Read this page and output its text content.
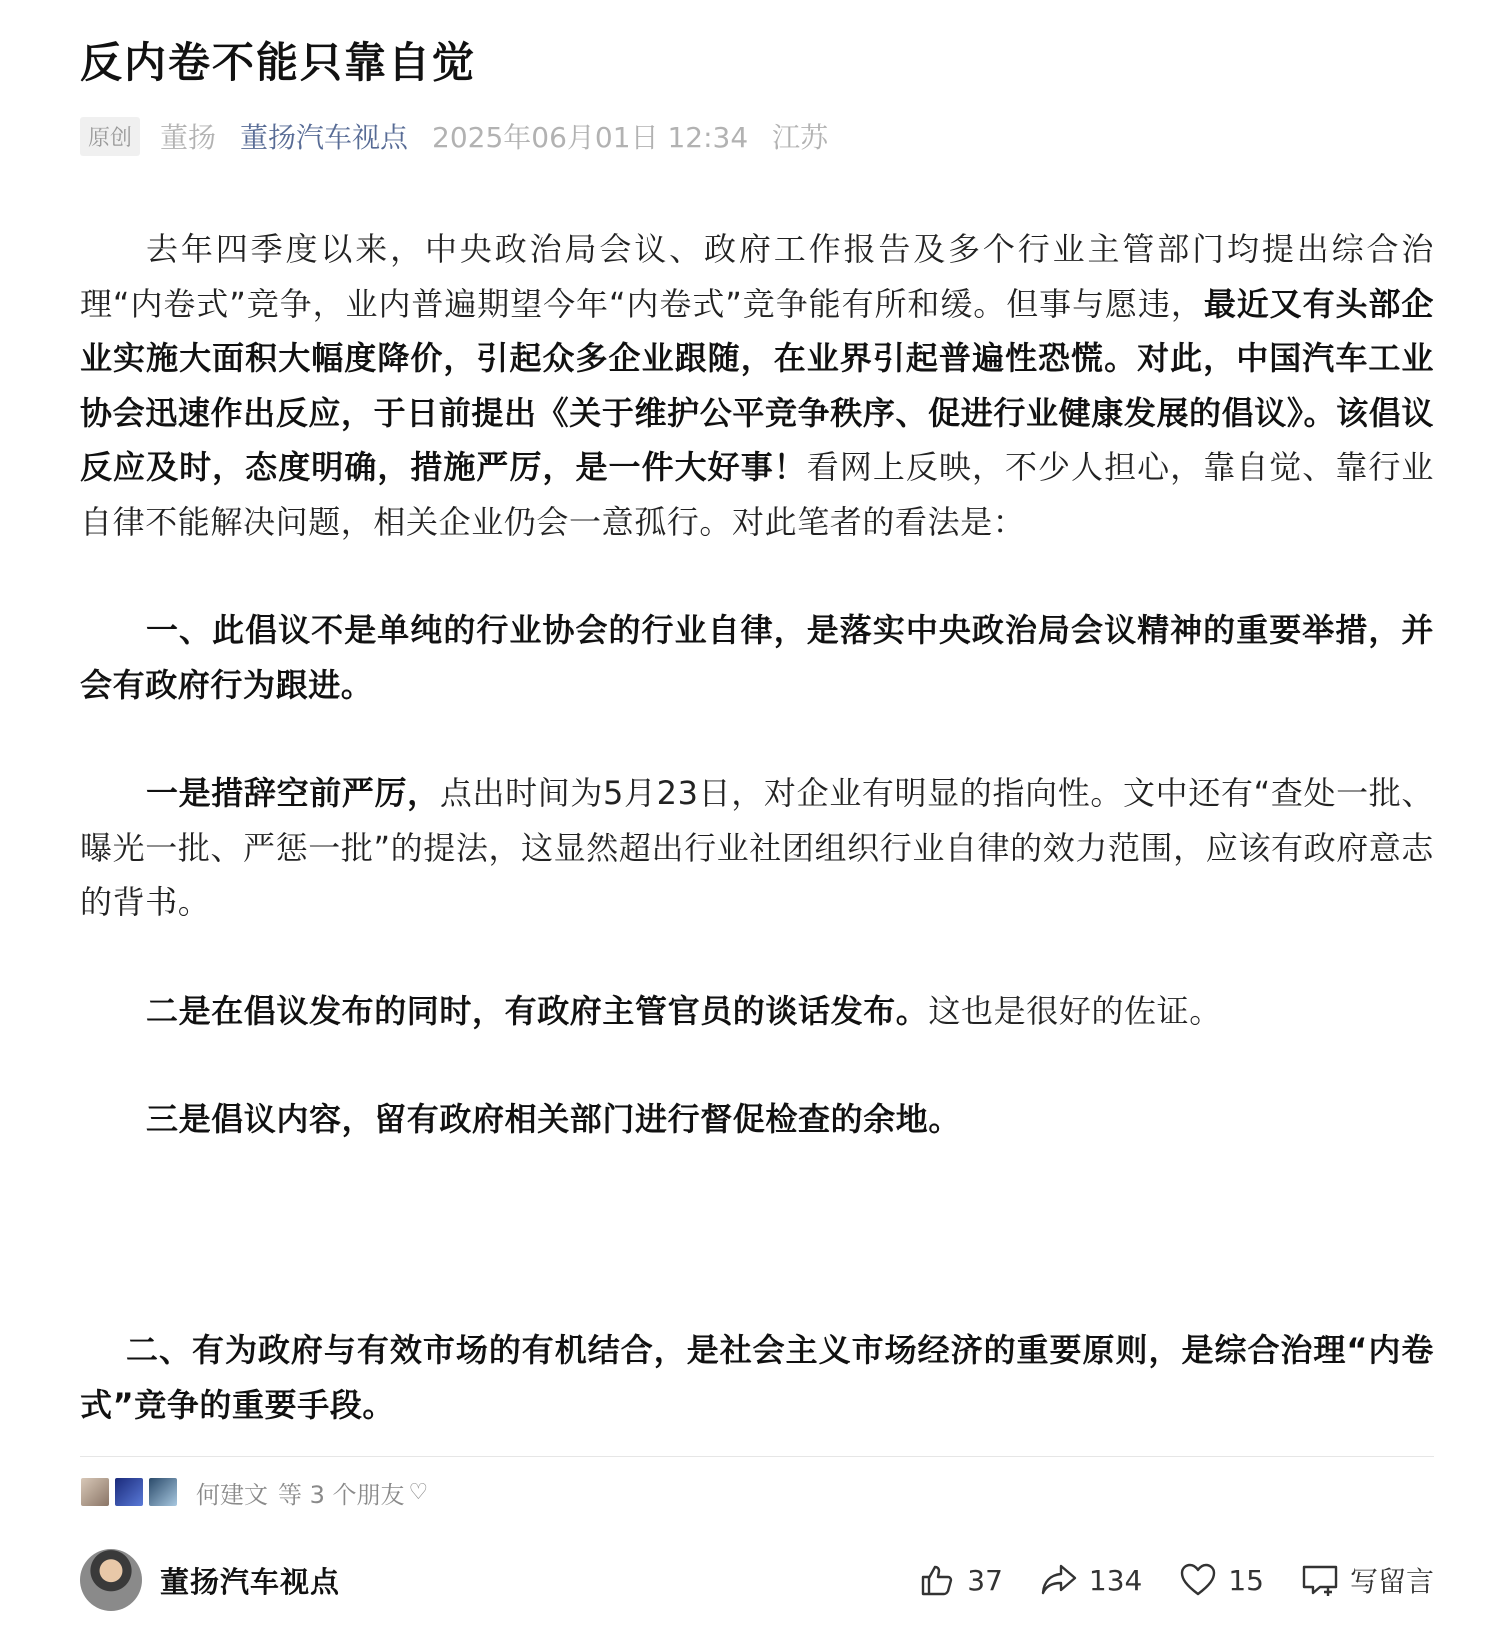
反内卷不能只靠自觉
原创 董扬 董扬汽车视点 2025年06月01日 12:34 江苏

去年四季度以来，中央政治局会议、政府工作报告及多个行业主管部门均提出综合治理“内卷式”竞争，业内普遍期望今年“内卷式”竞争能有所和缓。但事与愿违，最近又有头部企业实施大面积大幅度降价，引起众多企业跟随，在业界引起普遍性恐慌。对此，中国汽车工业协会迅速作出反应，于日前提出《关于维护公平竞争秩序、促进行业健康发展的倡议》。该倡议反应及时，态度明确，措施严厉，是一件大好事！看网上反映，不少人担心，靠自觉、靠行业自律不能解决问题，相关企业仍会一意孤行。对此笔者的看法是：

一、此倡议不是单纯的行业协会的行业自律，是落实中央政治局会议精神的重要举措，并会有政府行为跟进。

一是措辞空前严厉，点出时间为5月23日，对企业有明显的指向性。文中还有“查处一批、曝光一批、严惩一批”的提法，这显然超出行业社团组织行业自律的效力范围，应该有政府意志的背书。

二是在倡议发布的同时，有政府主管官员的谈话发布。这也是很好的佐证。

三是倡议内容，留有政府相关部门进行督促检查的余地。

二、有为政府与有效市场的有机结合，是社会主义市场经济的重要原则，是综合治理“内卷式”竞争的重要手段。

何建文 等 3 个朋友 ♡
董扬汽车视点	37	134	15	写留言
